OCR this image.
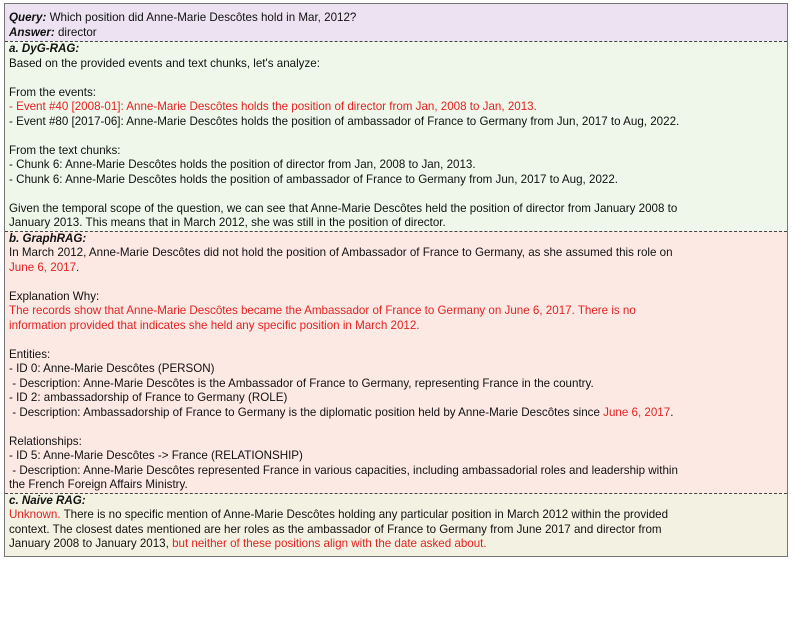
Query: Which position did Anne-Marie Descôtes hold in Mar, 2012?
Answer: director
a. DyG-RAG:
Based on the provided events and text chunks, let's analyze:
From the events:
- Event #40 [2008-01]: Anne-Marie Descôtes holds the position of director from Jan, 2008 to Jan, 2013.
- Event #80 [2017-06]: Anne-Marie Descôtes holds the position of ambassador of France to Germany from Jun, 2017 to Aug, 2022.
From the text chunks:
- Chunk 6: Anne-Marie Descôtes holds the position of director from Jan, 2008 to Jan, 2013.
- Chunk 6: Anne-Marie Descôtes holds the position of ambassador of France to Germany from Jun, 2017 to Aug, 2022.
Given the temporal scope of the question, we can see that Anne-Marie Descôtes held the position of director from January 2008 to
January 2013. This means that in March 2012, she was still in the position of director.
b. GraphRAG:
In March 2012, Anne-Marie Descôtes did not hold the position of Ambassador of France to Germany, as she assumed this role on
June 6, 2017.
Explanation Why:
The records show that Anne-Marie Descôtes became the Ambassador of France to Germany on June 6, 2017. There is no
information provided that indicates she held any specific position in March 2012.
Entities:
- ID 0: Anne-Marie Descôtes (PERSON)
- Description: Anne-Marie Descôtes is the Ambassador of France to Germany, representing France in the country.
- ID 2: ambassadorship of France to Germany (ROLE)
- Description: Ambassadorship of France to Germany is the diplomatic position held by Anne-Marie Descôtes since June 6, 2017.
Relationships:
- ID 5: Anne-Marie Descôtes -> France (RELATIONSHIP)
- Description: Anne-Marie Descôtes represented France in various capacities, including ambassadorial roles and leadership within
the French Foreign Affairs Ministry.
c. Naive RAG:
Unknown. There is no specific mention of Anne-Marie Descôtes holding any particular position in March 2012 within the provided
context. The closest dates mentioned are her roles as the ambassador of France to Germany from June 2017 and director from
January 2008 to January 2013, but neither of these positions align with the date asked about.
